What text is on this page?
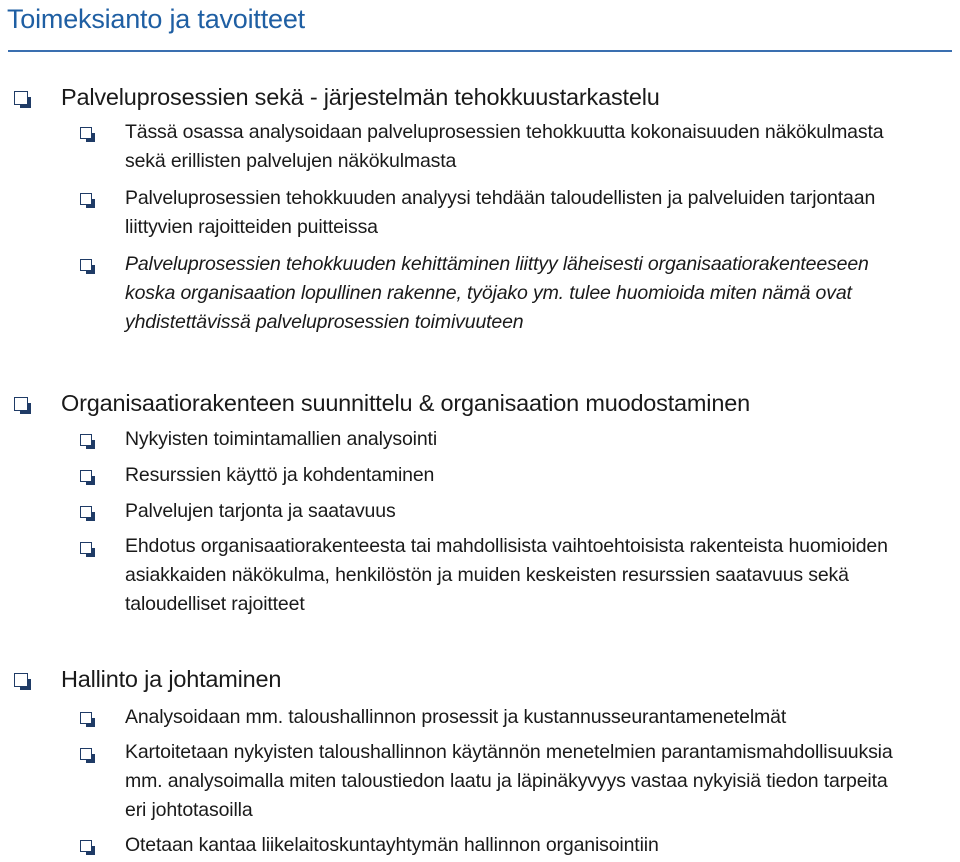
Toimeksianto ja tavoitteet
Palveluprosessien sekä - järjestelmän tehokkuustarkastelu
Tässä osassa analysoidaan palveluprosessien tehokkuutta kokonaisuuden näkökulmasta
sekä erillisten palvelujen näkökulmasta
Palveluprosessien tehokkuuden analyysi tehdään taloudellisten ja palveluiden tarjontaan
liittyvien rajoitteiden puitteissa
Palveluprosessien tehokkuuden kehittäminen liittyy läheisesti organisaatiorakenteeseen
koska organisaation lopullinen rakenne, työjako ym. tulee huomioida miten nämä ovat
yhdistettävissä palveluprosessien toimivuuteen
Organisaatiorakenteen suunnittelu & organisaation muodostaminen
Nykyisten toimintamallien analysointi
Resurssien käyttö ja kohdentaminen
Palvelujen tarjonta ja saatavuus
Ehdotus organisaatiorakenteesta tai mahdollisista vaihtoehtoisista rakenteista huomioiden
asiakkaiden näkökulma, henkilöstön ja muiden keskeisten resurssien saatavuus sekä
taloudelliset rajoitteet
Hallinto ja johtaminen
Analysoidaan mm. taloushallinnon prosessit ja kustannusseurantamenetelmät
Kartoitetaan nykyisten taloushallinnon käytännön menetelmien parantamismahdollisuuksia
mm. analysoimalla miten taloustiedon laatu ja läpinäkyvyys vastaa nykyisiä tiedon tarpeita
eri johtotasoilla
Otetaan kantaa liikelaitoskuntayhtymän hallinnon organisointiin
